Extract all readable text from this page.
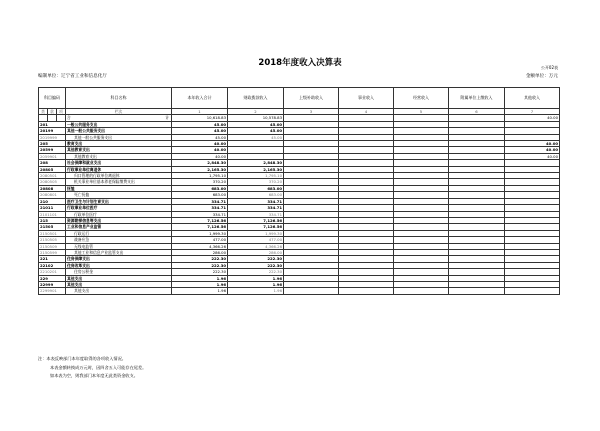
2018年度收入决算表	公开02表
编制单位：辽宁省工业和信息化厅	金额单位：万元
科目编码			科目名称	本年收入合计	财政拨款收入	上级补助收入	事业收入	经营收入	附属单位上缴收入	其他收入
类	款	项	栏次	1	2	3	4	5	6	7
			合 计	10,618.83	10,578.83					40.00
201			一般公共服务支出	45.00	45.00					
20199			其他一般公共服务支出	45.00	45.00					
2019999			其他一般公共服务支出	45.00	45.00					
205			教育支出	40.00						40.00
20599			其他教育支出	40.00						40.00
2059901			其他教育支出	40.00						40.00
208			社会保障和就业支出	2,848.30	2,848.30					
20805			行政事业单位离退休	2,165.30	2,165.30					
2080501			归口管理的行政单位离退休	1,795.10	1,795.10					
2080505			机关事业单位基本养老保险缴费支出	370.20	370.20					
20808			抚恤	683.00	683.00					
2080801			死亡抚恤	683.00	683.00					
210			医疗卫生与计划生育支出	334.71	334.71					
21011			行政事业单位医疗	334.71	334.71					
2101101			行政单位医疗	334.71	334.71					
215			资源勘探信息等支出	7,126.56	7,126.56					
21505			工业和信息产业监管	7,126.56	7,126.56					
2150501			行政运行	1,999.30	1,999.30					
2150505			战备应急	477.00	477.00					
2150509			无线电监管	4,366.26	4,366.26					
2150599			其他工业和信息产业监管支出	286.00	286.00					
221			住房保障支出	222.30	222.30					
22102			住房改革支出	222.30	222.30					
2210201			住房公积金	222.30	222.30					
229			其他支出	1.96	1.96					
22999			其他支出	1.96	1.96					
2299901			其他支出	1.96	1.96					
注：本表反映部门本年度取得的各项收入情况。
本表金额转换成万元时，因四舍五入可能存在尾差。
如本表为空，则我部门本年度无此类资金收支。
